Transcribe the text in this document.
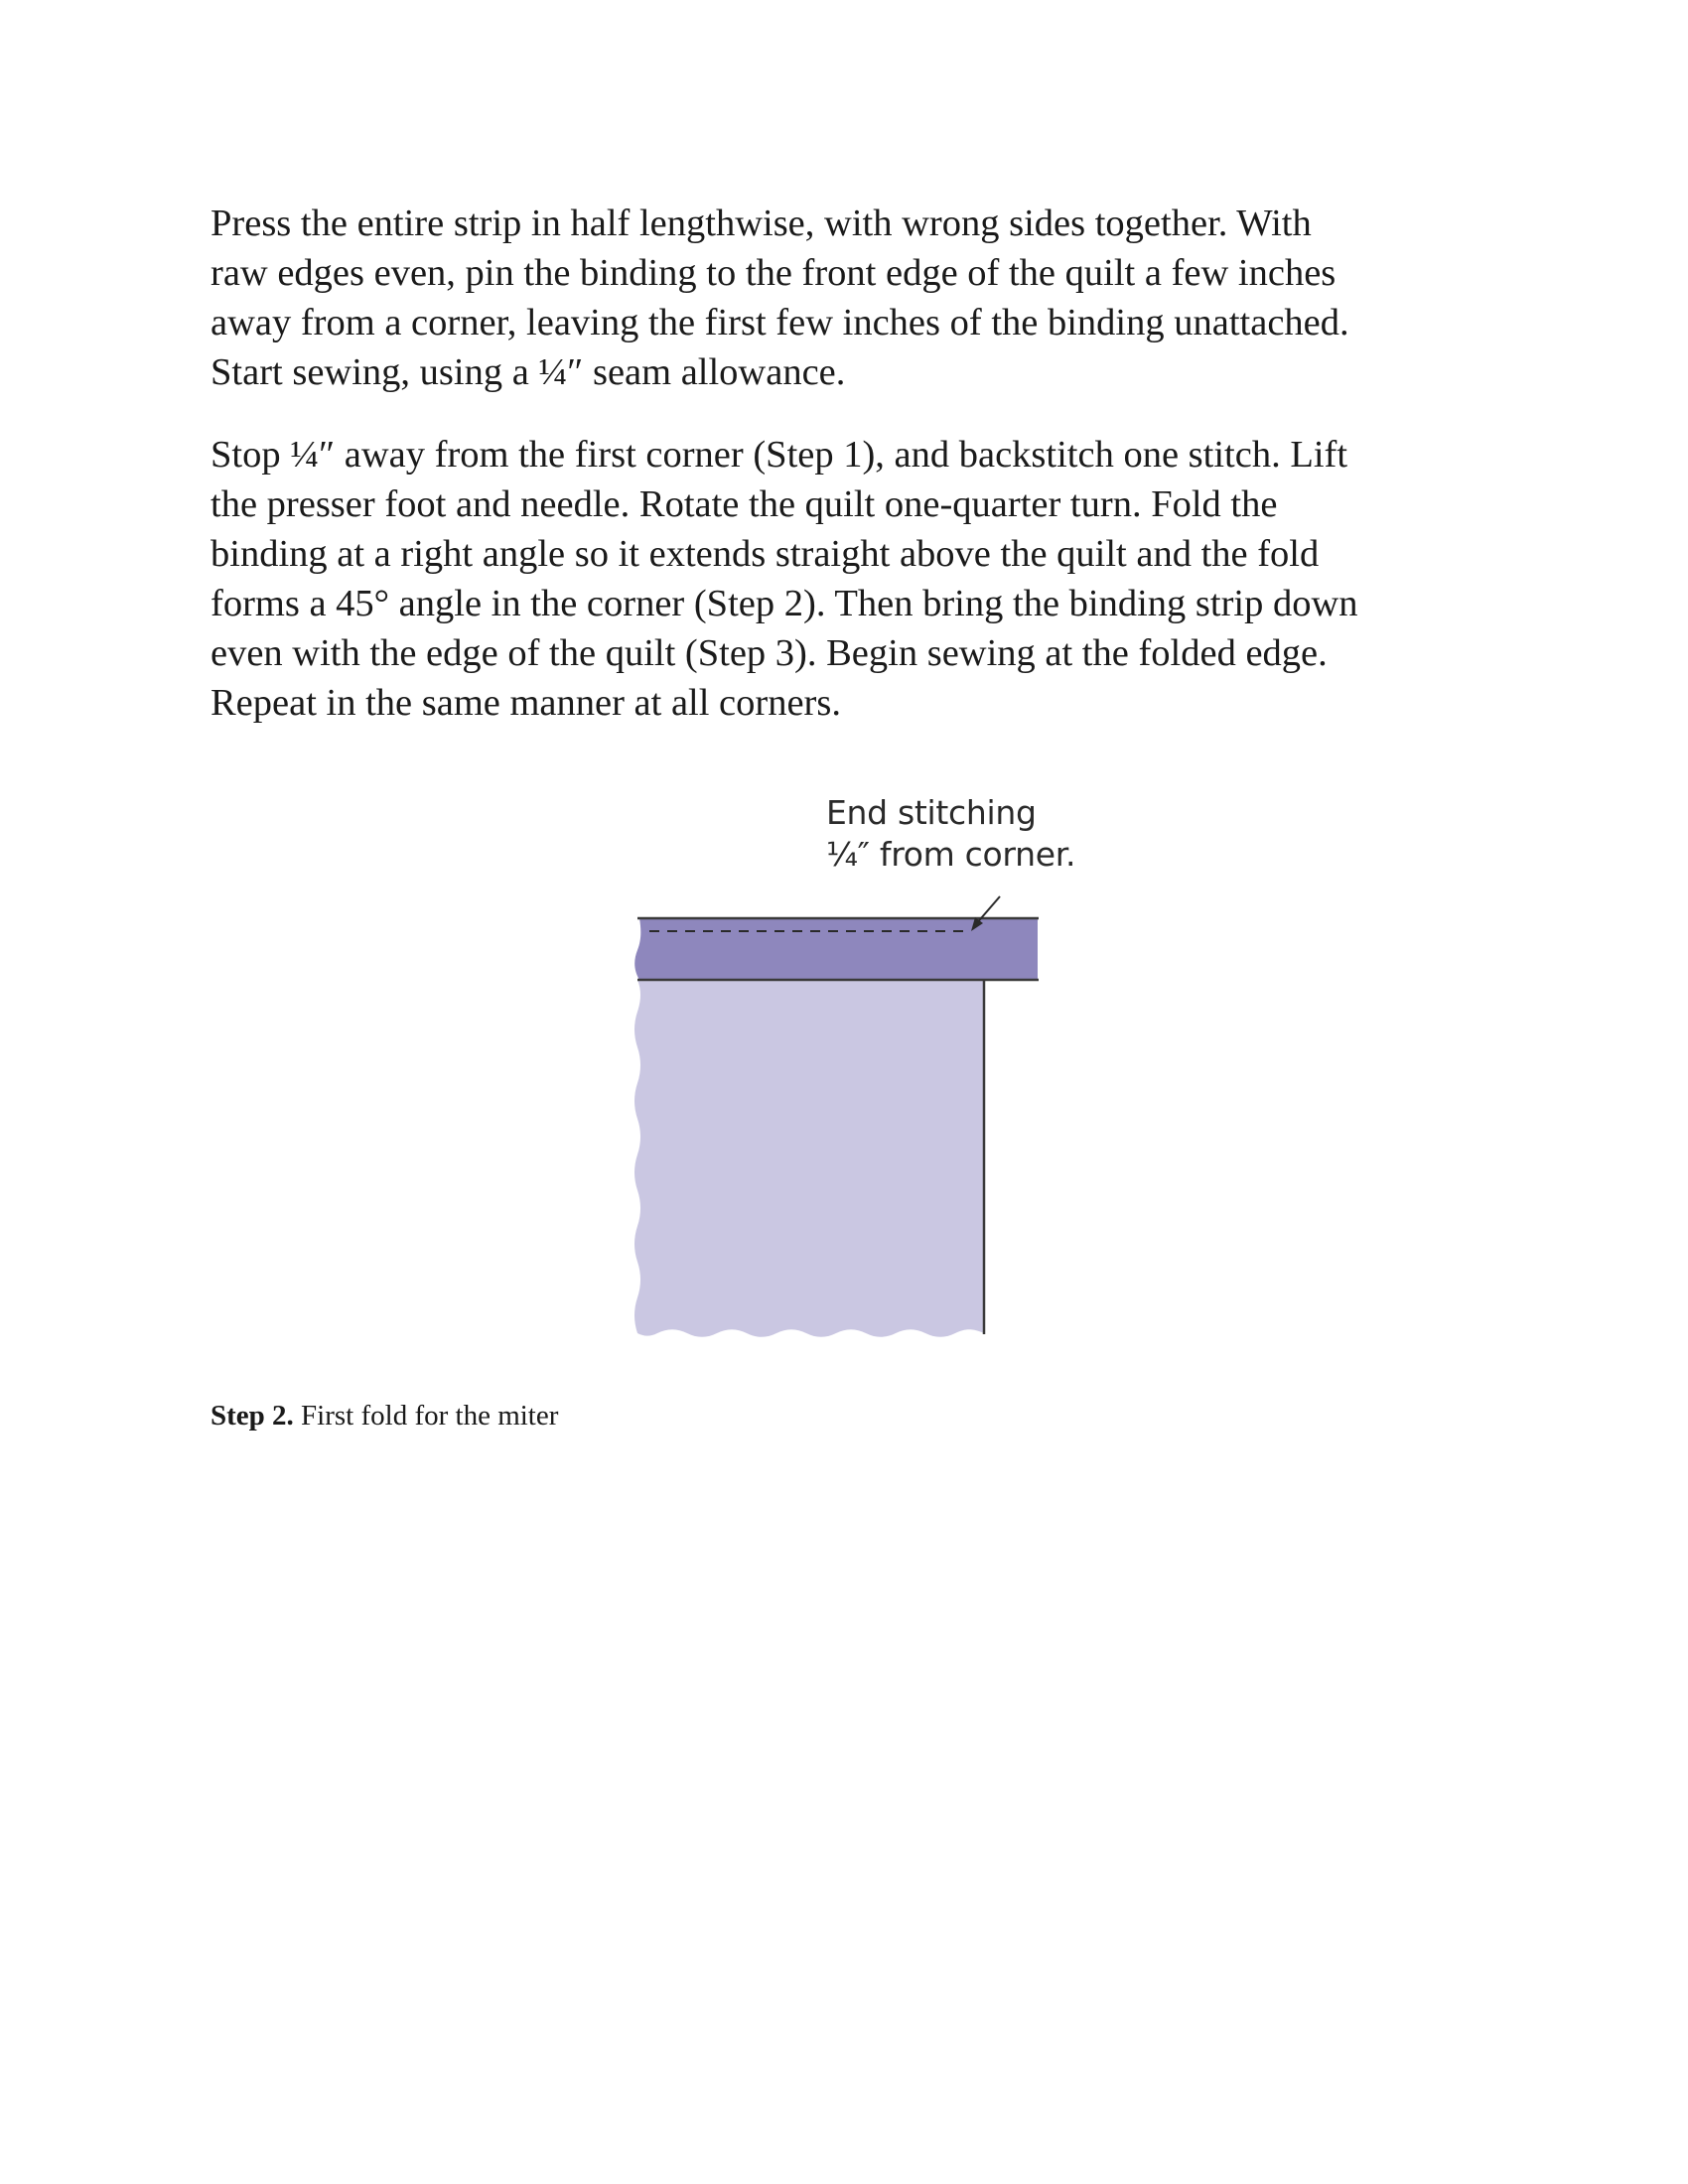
Press the entire strip in half lengthwise, with wrong sides together. With
raw edges even, pin the binding to the front edge of the quilt a few inches
away from a corner, leaving the first few inches of the binding unattached.
Start sewing, using a ¼″ seam allowance.

Stop ¼″ away from the first corner (Step 1), and backstitch one stitch. Lift
the presser foot and needle. Rotate the quilt one-quarter turn. Fold the
binding at a right angle so it extends straight above the quilt and the fold
forms a 45° angle in the corner (Step 2). Then bring the binding strip down
even with the edge of the quilt (Step 3). Begin sewing at the folded edge.
Repeat in the same manner at all corners.

End stitching
¼″ from corner.
Step 2. First fold for the miter
